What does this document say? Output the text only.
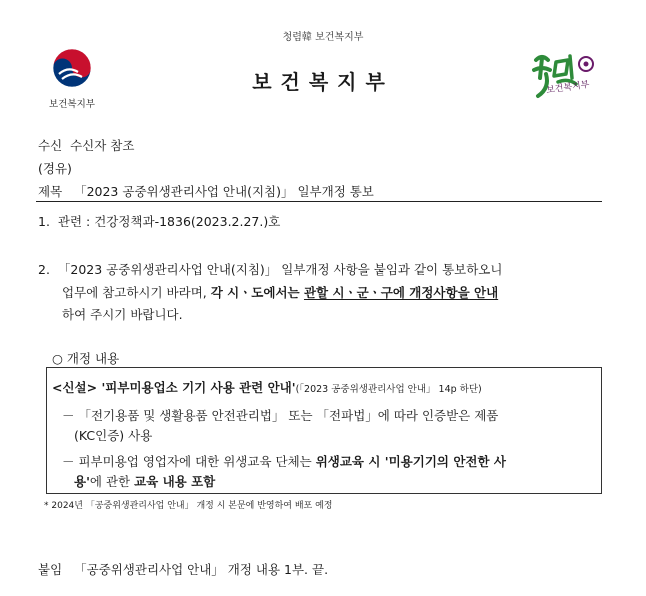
청렴韓 보건복지부
보건복지부
보건복지부
보건복지부
수신 수신자 참조
(경유)
제목 「2023 공중위생관리사업 안내(지침)」 일부개정 통보
1. 관련 : 건강정책과-1836(2023.2.27.)호
2. 「2023 공중위생관리사업 안내(지침)」 일부개정 사항을 붙임과 같이 통보하오니
업무에 참고하시기 바라며, 각 시ㆍ도에서는 관할 시ㆍ군ㆍ구에 개정사항을 안내
하여 주시기 바랍니다.
○ 개정 내용
<신설> '피부미용업소 기기 사용 관련 안내'(「2023 공중위생관리사업 안내」 14p 하단)
－ 「전기용품 및 생활용품 안전관리법」 또는 「전파법」에 따라 인증받은 제품
(KC인증) 사용
－ 피부미용업 영업자에 대한 위생교육 단체는 위생교육 시 '미용기기의 안전한 사
용'에 관한 교육 내용 포함
* 2024년 「공중위생관리사업 안내」 개정 시 본문에 반영하여 배포 예정
붙임 「공중위생관리사업 안내」 개정 내용 1부. 끝.
